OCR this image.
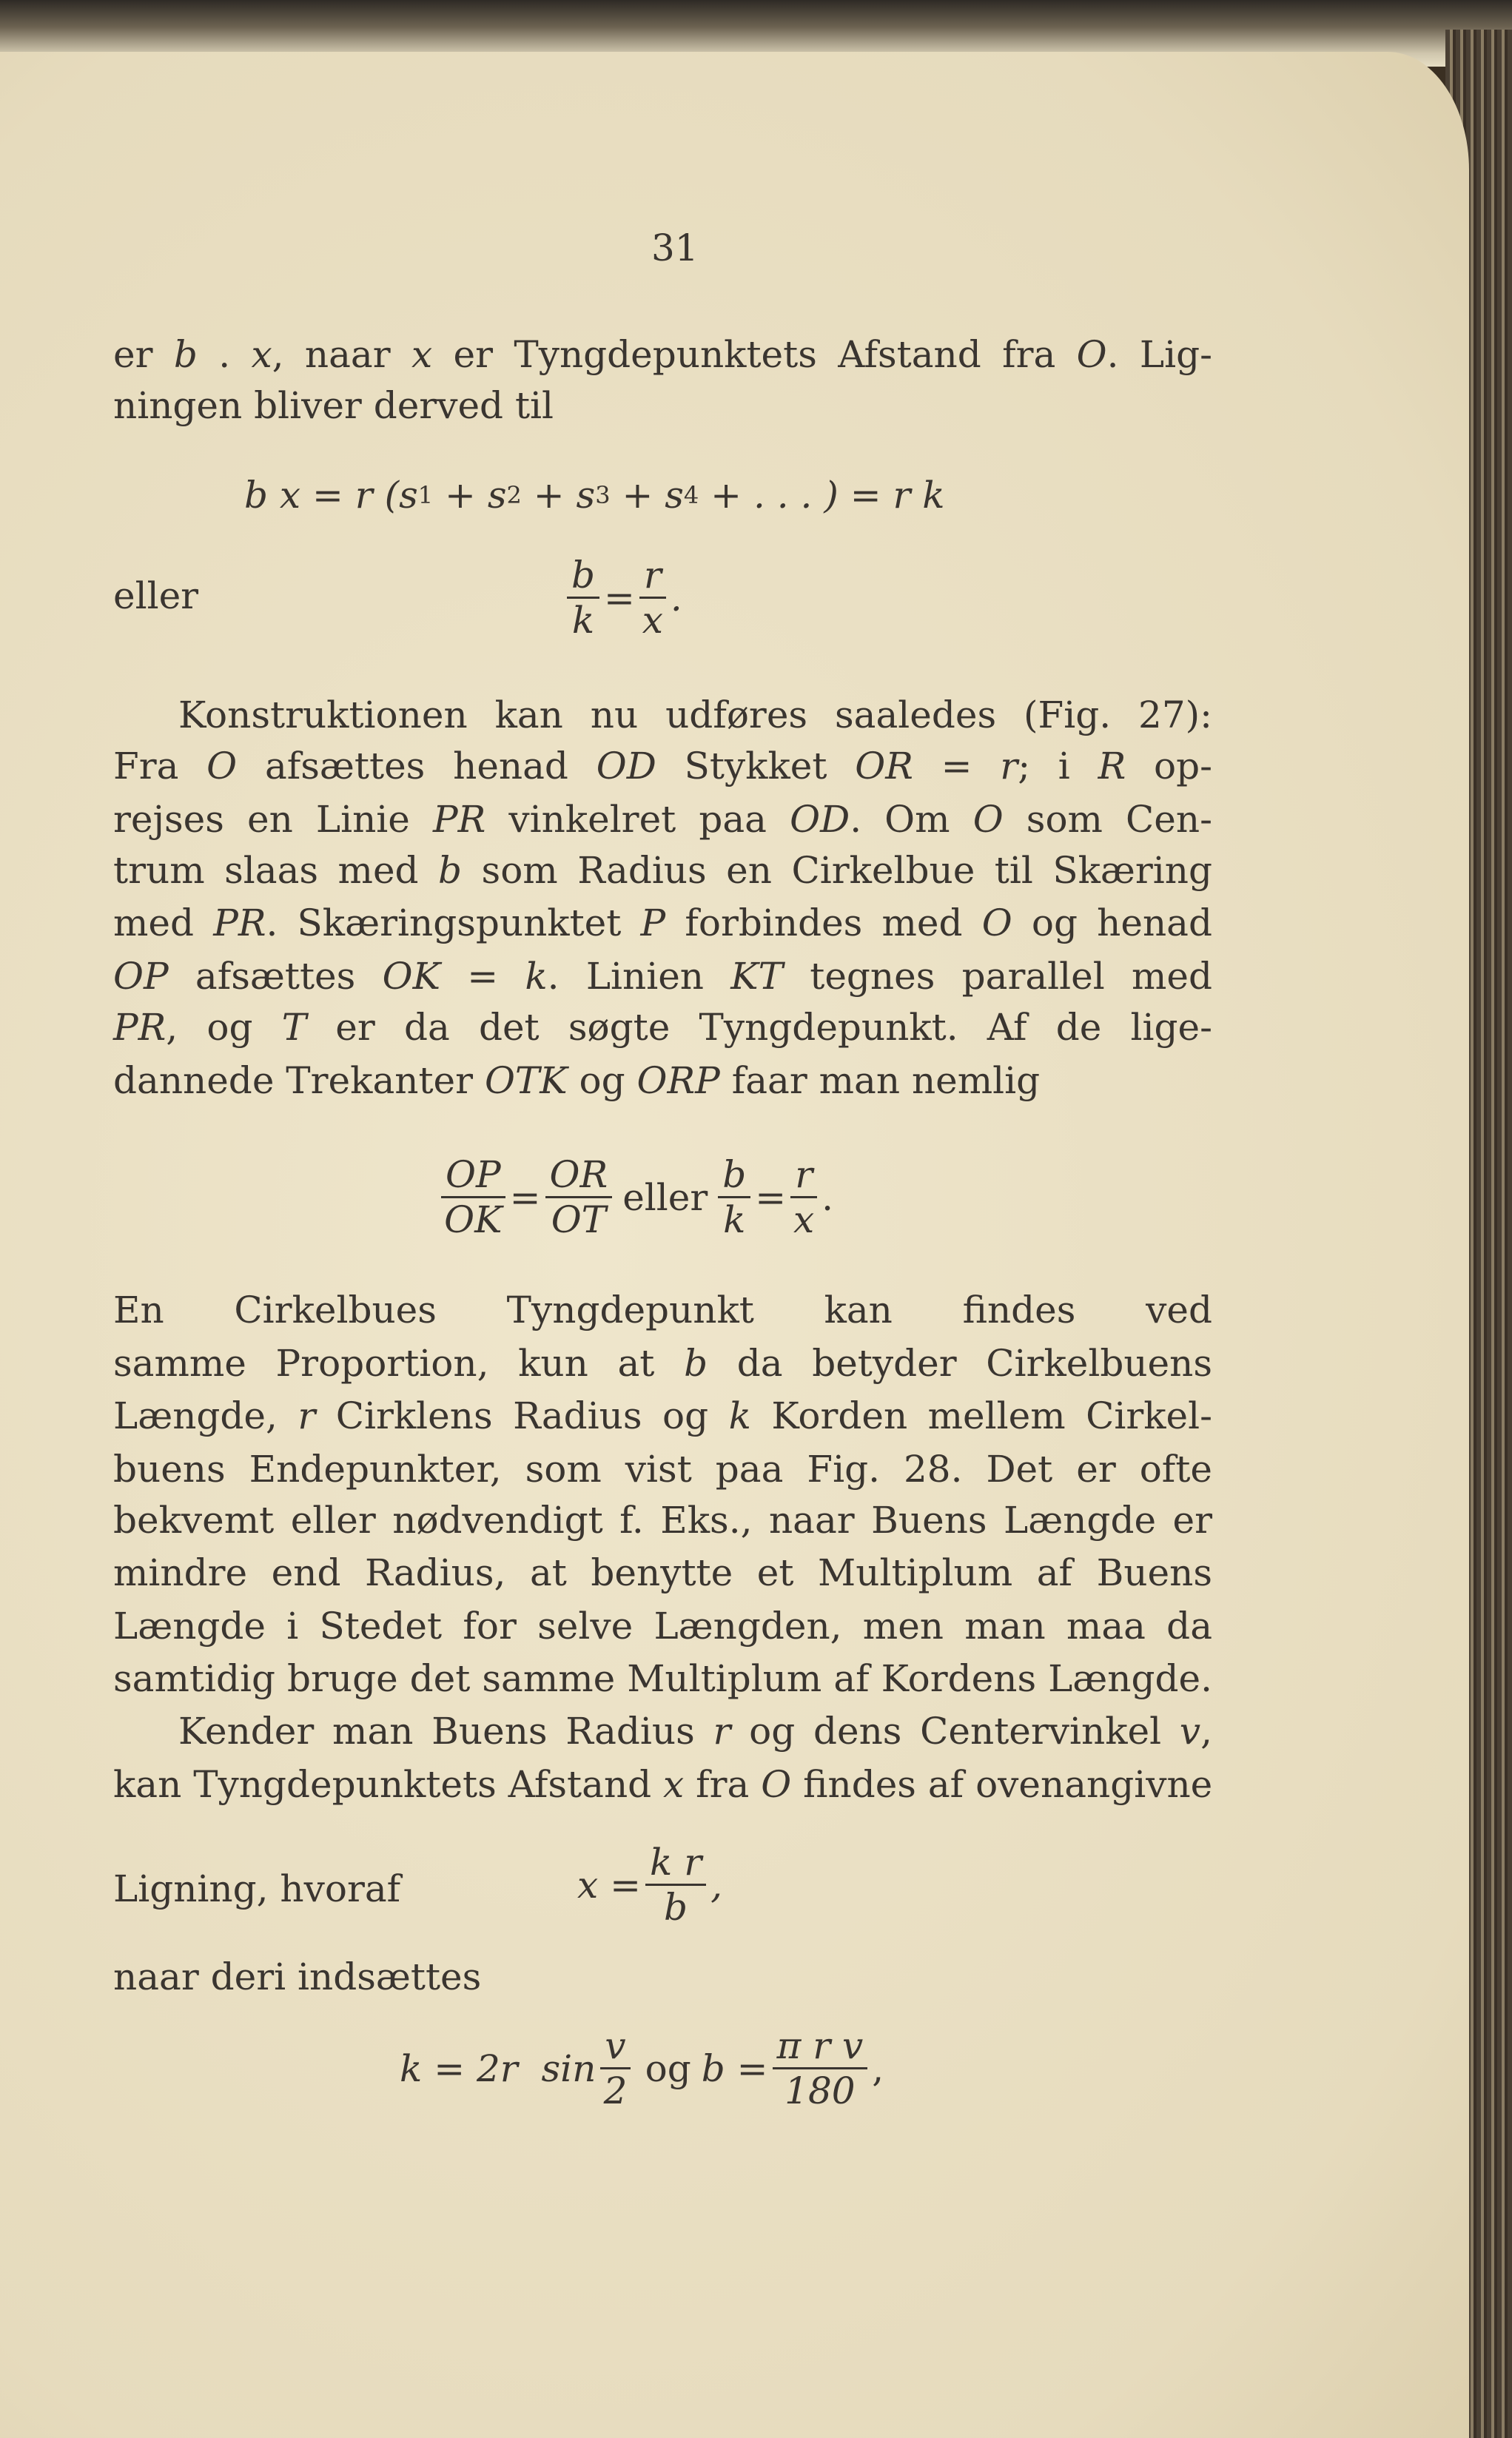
31
er b . x, naar x er Tyngdepunktets Afstand fra O. Lig-
ningen bliver derved til
Konstruktionen kan nu udføres saaledes (Fig. 27):
Fra O afsættes henad OD Stykket OR = r; i R op-
rejses en Linie PR vinkelret paa OD. Om O som Cen-
trum slaas med b som Radius en Cirkelbue til Skæring
med PR. Skæringspunktet P forbindes med O og henad
OP afsættes OK = k. Linien KT tegnes parallel med
PR, og T er da det søgte Tyngdepunkt. Af de lige-
dannede Trekanter OTK og ORP faar man nemlig
En Cirkelbues Tyngdepunkt kan findes ved
samme Proportion, kun at b da betyder Cirkelbuens
Længde, r Cirklens Radius og k Korden mellem Cirkel-
buens Endepunkter, som vist paa Fig. 28. Det er ofte
bekvemt eller nødvendigt f. Eks., naar Buens Længde er
mindre end Radius, at benytte et Multiplum af Buens
Længde i Stedet for selve Længden, men man maa da
samtidig bruge det samme Multiplum af Kordens Længde.
Kender man Buens Radius r og dens Centervinkel v,
kan Tyngdepunktets Afstand x fra O findes af ovenangivne
Ligning, hvoraf
naar deri indsættes
b x = r ( s 1 + s 2 + s 3 + s 4 + . . . ) = r k
eller	$\frac{b}{k} = \frac{r}{x}$ .
$\frac{OP}{OK} = \frac{OR}{OT}$ eller $\frac{b}{k} = \frac{r}{x}$ .
$x = \frac{\text{k r}}{b}$ ,
k = 2r  $\sin \frac{v}{2}$ og $b = \frac{\text{π r v}}{180}$ ,
